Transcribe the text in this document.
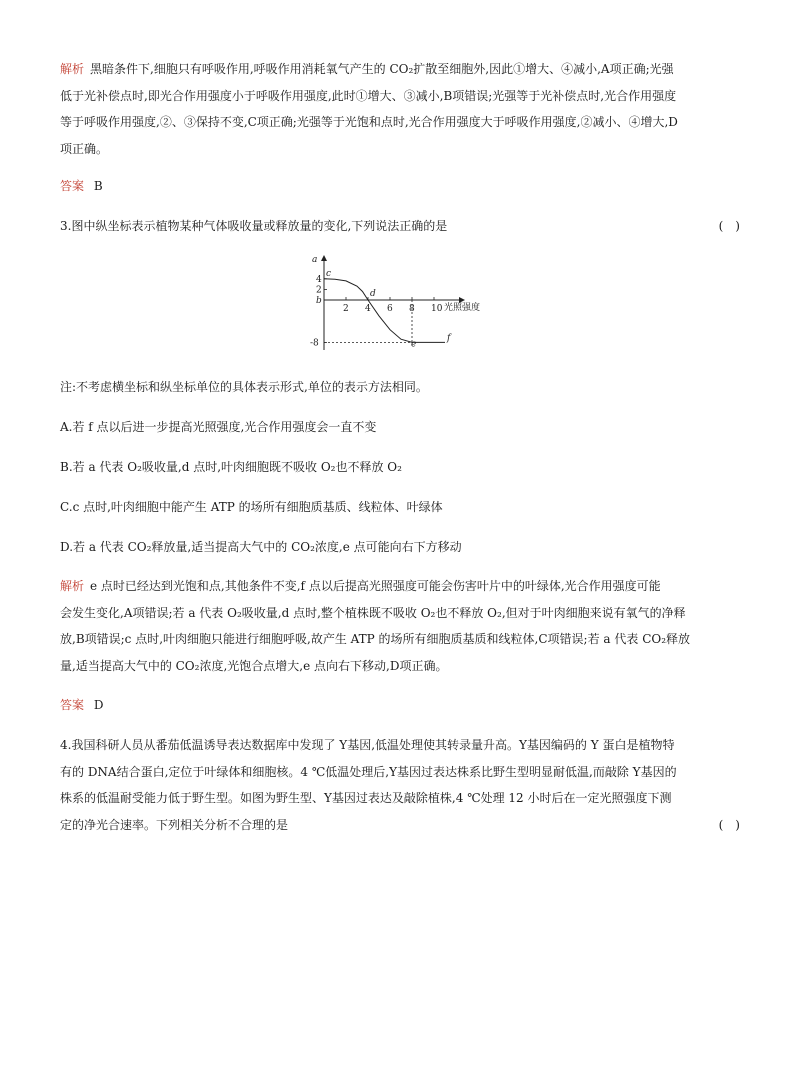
解析 黑暗条件下,细胞只有呼吸作用,呼吸作用消耗氧气产生的 CO₂扩散至细胞外,因此①增大、④减小,A项正确;光强
低于光补偿点时,即光合作用强度小于呼吸作用强度,此时①增大、③减小,B项错误;光强等于光补偿点时,光合作用强度
等于呼吸作用强度,②、③保持不变,C项正确;光强等于光饱和点时,光合作用强度大于呼吸作用强度,②减小、④增大,D
项正确。
答案 B
3.图中纵坐标表示植物某种气体吸收量或释放量的变化,下列说法正确的是	(　)
a
光照强度
2 4 6 8 10
4
2
b
-8
c
d
e
f
注:不考虑横坐标和纵坐标单位的具体表示形式,单位的表示方法相同。
A.若 f 点以后进一步提高光照强度,光合作用强度会一直不变
B.若 a 代表 O₂吸收量,d 点时,叶肉细胞既不吸收 O₂也不释放 O₂
C.c 点时,叶肉细胞中能产生 ATP 的场所有细胞质基质、线粒体、叶绿体
D.若 a 代表 CO₂释放量,适当提高大气中的 CO₂浓度,e 点可能向右下方移动
解析 e 点时已经达到光饱和点,其他条件不变,f 点以后提高光照强度可能会伤害叶片中的叶绿体,光合作用强度可能
会发生变化,A项错误;若 a 代表 O₂吸收量,d 点时,整个植株既不吸收 O₂也不释放 O₂,但对于叶肉细胞来说有氧气的净释
放,B项错误;c 点时,叶肉细胞只能进行细胞呼吸,故产生 ATP 的场所有细胞质基质和线粒体,C项错误;若 a 代表 CO₂释放
量,适当提高大气中的 CO₂浓度,光饱合点增大,e 点向右下移动,D项正确。
答案 D
4.我国科研人员从番茄低温诱导表达数据库中发现了 Y基因,低温处理使其转录量升高。Y基因编码的 Y 蛋白是植物特
有的 DNA结合蛋白,定位于叶绿体和细胞核。4 ℃低温处理后,Y基因过表达株系比野生型明显耐低温,而敲除 Y基因的
株系的低温耐受能力低于野生型。如图为野生型、Y基因过表达及敲除植株,4 ℃处理 12 小时后在一定光照强度下测
定的净光合速率。下列相关分析不合理的是	(　)
